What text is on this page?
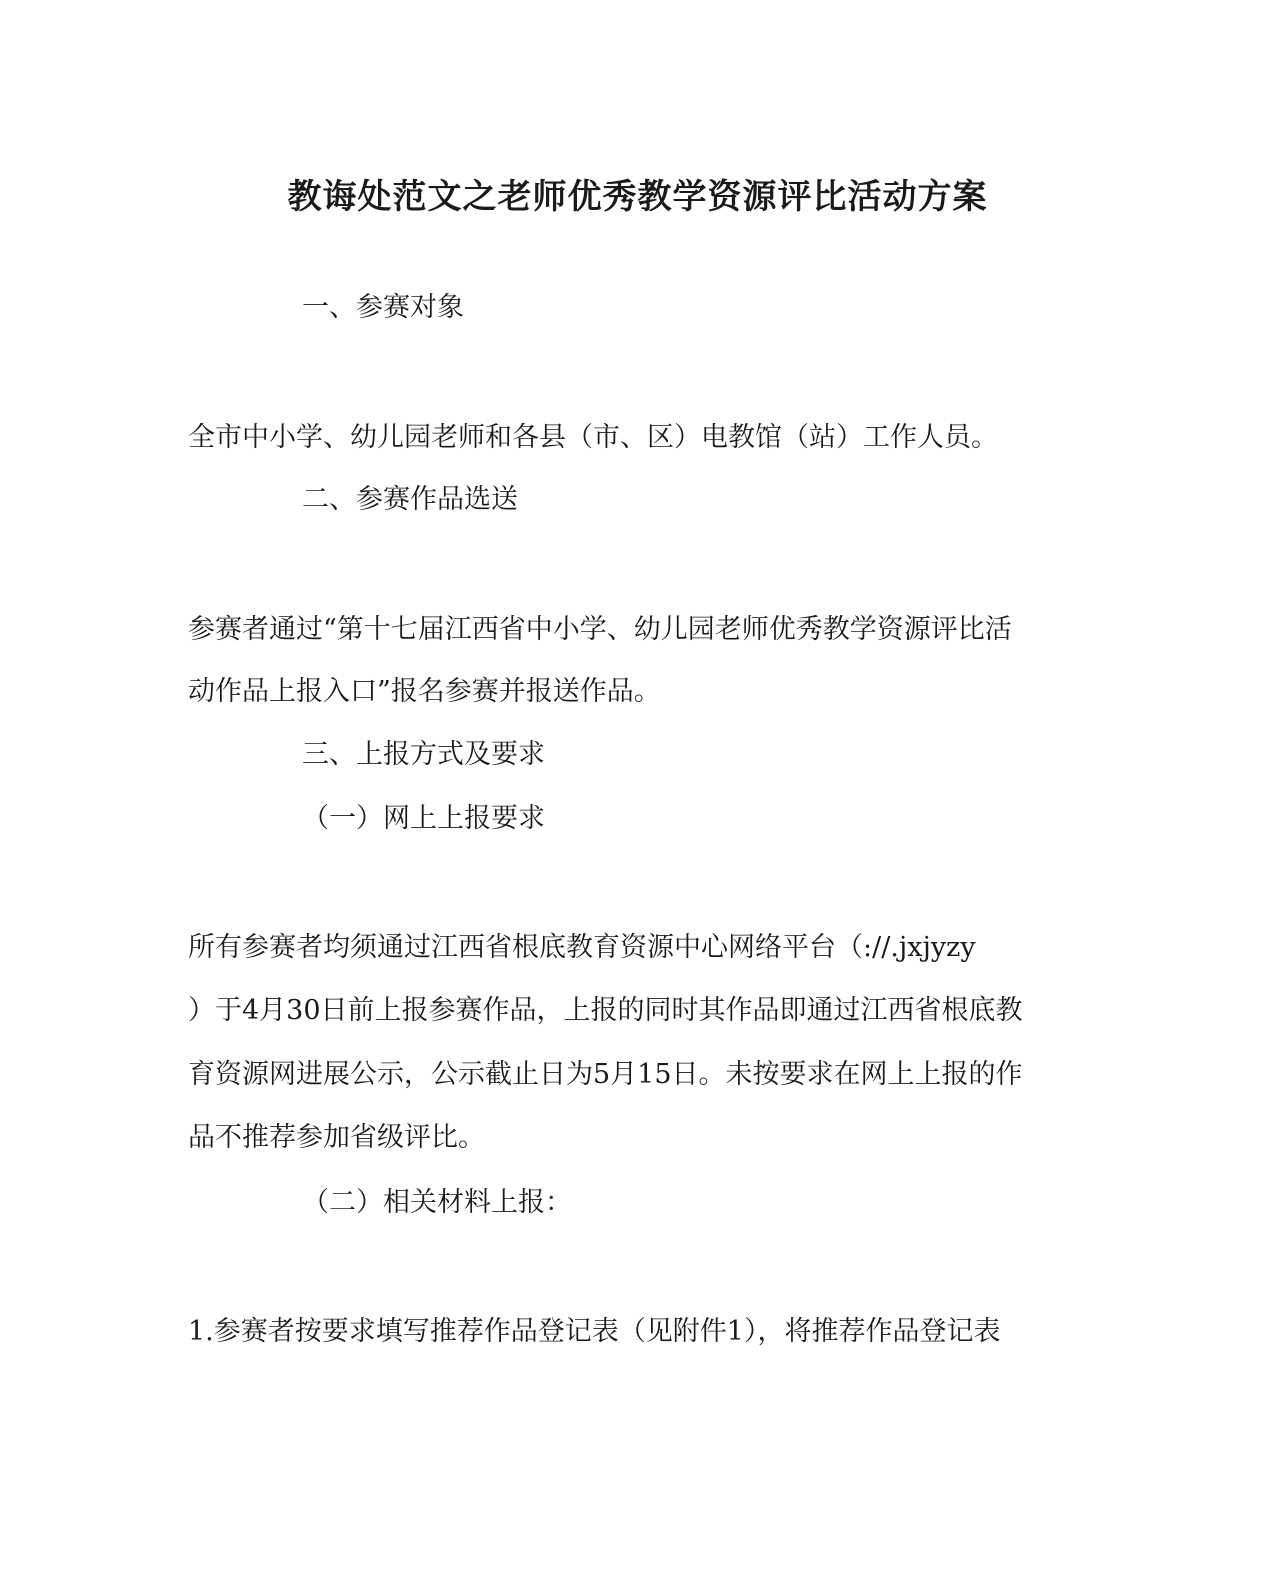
教诲处范文之老师优秀教学资源评比活动方案

一、参赛对象

全市中小学、幼儿园老师和各县（市、区）电教馆（站）工作人员。

二、参赛作品选送

参赛者通过“第十七届江西省中小学、幼儿园老师优秀教学资源评比活

动作品上报入口”报名参赛并报送作品。

三、上报方式及要求

（一）网上上报要求

所有参赛者均须通过江西省根底教育资源中心网络平台（://.jxjyzy

）于4月30日前上报参赛作品，上报的同时其作品即通过江西省根底教

育资源网进展公示，公示截止日为5月15日。未按要求在网上上报的作

品不推荐参加省级评比。

（二）相关材料上报：

1.参赛者按要求填写推荐作品登记表（见附件1），将推荐作品登记表
